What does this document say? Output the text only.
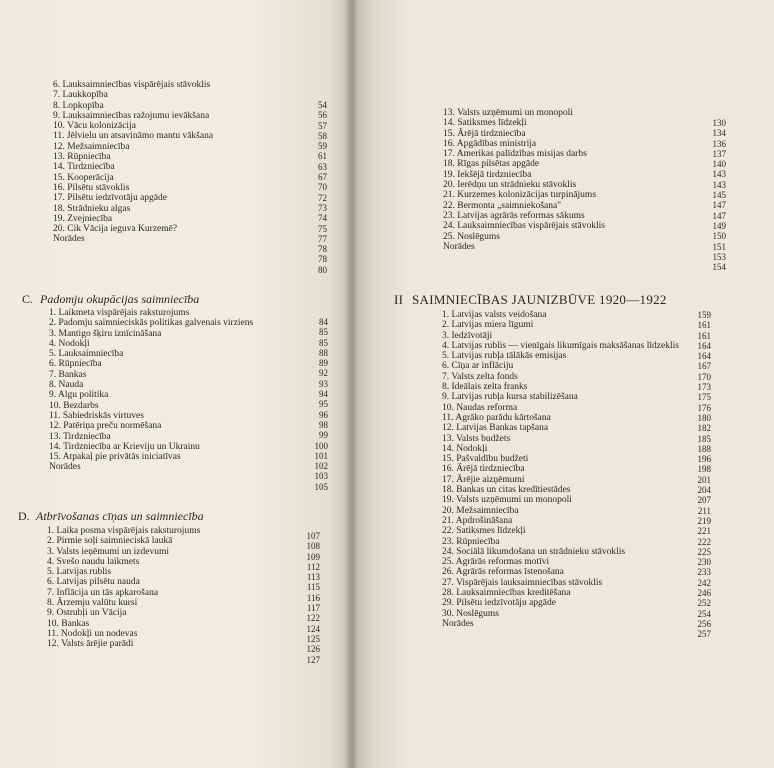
6. Lauksaimniecības vispārējais stāvoklis
7. Laukkopība
8. Lopkopība
9. Lauksaimniecības ražojumu ievākšana
10. Vācu kolonizācija
11. Jēlvielu un atsavināmo mantu vākšana
12. Mežsaimniecība
13. Rūpniecība
14. Tirdzniecība
15. Kooperācija
16. Pilsētu stāvoklis
17. Pilsētu iedzīvotāju apgāde
18. Strādnieku algas
19. Zvejniecība
20. Cik Vācija ieguva Kurzemē?
Norādes
54
56
57
58
59
61
63
67
70
72
73
74
75
77
78
78
80
C. Padomju okupācijas saimniecība
1. Laikmeta vispārējais raksturojums
2. Padomju saimnieciskās politikas galvenais virziens
3. Mantigo šķiru iznīcināšana
4. Nodokļi
5. Lauksaimniecība
6. Rūpniecība
7. Bankas
8. Nauda
9. Algu politika
10. Bezdarbs
11. Sabiedriskās virtuves
12. Patēriņa preču normēšana
13. Tirdzniecība
14. Tirdzniecība ar Krieviju un Ukrainu
15. Atpakaļ pie privātās iniciatīvas
Norādes
84
85
85
88
89
92
93
94
95
96
98
99
100
101
102
103
105
D. Atbrīvošanas cīņas un saimniecība
1. Laika posma vispārējais raksturojums
2. Pirmie soļi saimnieciskā laukā
3. Valsts ieņēmumi un izdevumi
4. Svešo naudu laikmets
5. Latvijas rublis
6. Latvijas pilsētu nauda
7. Inflācija un tās apkarošana
8. Ārzemju valūtu kursi
9. Ostrubļi un Vācija
10. Bankas
11. Nodokļi un nodevas
12. Valsts ārējie parādi
107
108
109
112
113
115
116
117
122
124
125
126
127
13. Valsts uzņēmumi un monopoli
14. Satiksmes līdzekļi
15. Ārējā tirdzniecība
16. Apgādības ministrija
17. Amerikas palīdzības misijas darbs
18. Rīgas pilsētas apgāde
19. Iekšējā tirdzniecība
20. Ierēdņu un strādnieku stāvoklis
21. Kurzemes kolonizācijas turpinājums
22. Bermonta „saimniekošana"
23. Latvijas agrārās reformas sākums
24. Lauksaimniecības vispārējais stāvoklis
25. Noslēgums
Norādes
130
134
136
137
140
143
143
145
147
147
149
150
151
153
154
II SAIMNIECĪBAS JAUNIZBŪVE 1920—1922
1. Latvijas valsts veidošana
2. Latvijas miera līgumi
3. Iedzīvotāji
4. Latvijas rublis — vienīgais likumīgais maksāšanas līdzeklis
5. Latvijas rubļa tālākās emisijas
6. Cīņa ar inflāciju
7. Valsts zelta fonds
8. Ideālais zelta franks
9. Latvijas rubļa kursa stabilizēšana
10. Naudas reforma
11. Agrāko parādu kārtošana
12. Latvijas Bankas tapšana
13. Valsts budžets
14. Nodokļi
15. Pašvaldību budžeti
16. Ārējā tirdzniecība
17. Ārējie aizņēmumi
18. Bankas un citas kredītiestādes
19. Valsts uzņēmumi un monopoli
20. Mežsaimniecība
21. Apdrošināšana
22. Satiksmes līdzekļi
23. Rūpniecība
24. Sociālā likumdošana un strādnieku stāvoklis
25. Agrārās reformas motīvi
26. Agrārās reformas īstenošana
27. Vispārējais lauksaimniecības stāvoklis
28. Lauksaimniecības kreditēšana
29. Pilsētu iedzīvotāju apgāde
30. Noslēgums
Norādes
159
161
161
164
164
167
170
173
175
176
180
182
185
188
196
198
201
204
207
211
219
221
222
225
230
233
242
246
252
254
256
257
